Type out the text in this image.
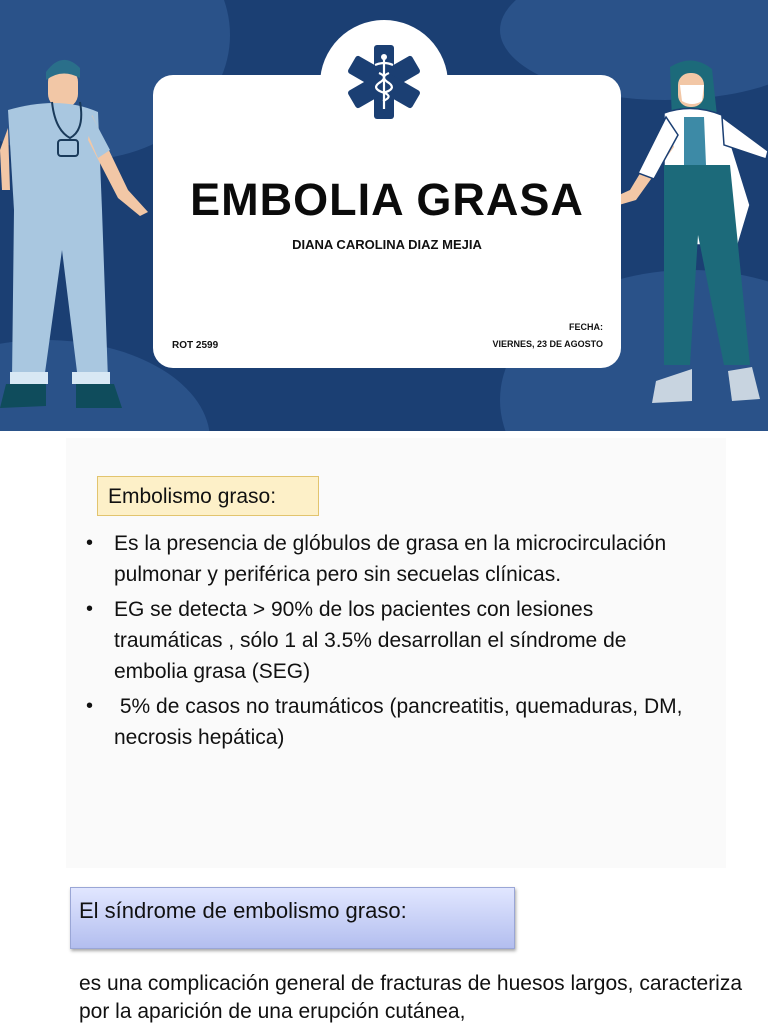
EMBOLIA GRASA
DIANA CAROLINA DIAZ MEJIA
ROT 2599
FECHA:
VIERNES, 23 DE AGOSTO
Embolismo graso:
• Es la presencia de glóbulos de grasa en la microcirculación pulmonar y periférica pero sin secuelas clínicas.
• EG se detecta > 90% de los pacientes con lesiones traumáticas , sólo 1 al 3.5% desarrollan el síndrome de embolia grasa (SEG)
• 5% de casos no traumáticos (pancreatitis, quemaduras, DM, necrosis hepática)
El síndrome de embolismo graso:
es una complicación general de fracturas de huesos largos, caracteriza por la aparición de una erupción cutánea,
